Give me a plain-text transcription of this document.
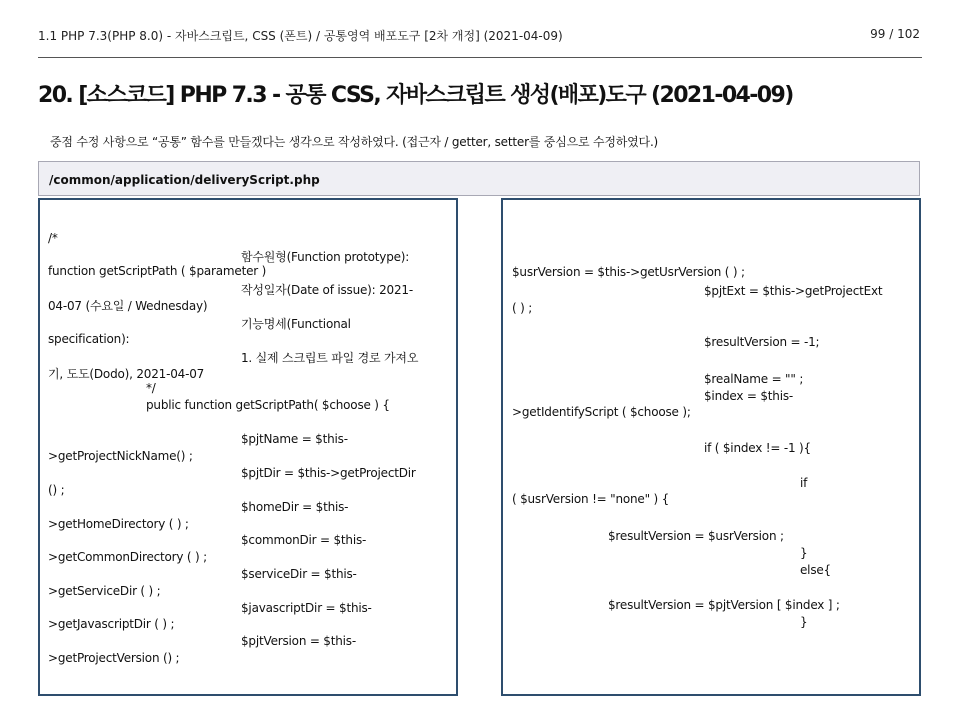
1.1 PHP 7.3(PHP 8.0) - 자바스크립트, CSS (폰트) / 공통영역 배포도구 [2차 개정] (2021-04-09)	99 / 102
20. [소스코드] PHP 7.3 - 공통 CSS, 자바스크립트 생성(배포)도구 (2021-04-09)
중점 수정 사항으로 “공통” 함수를 만들겠다는 생각으로 작성하였다. (접근자 / getter, setter를 중심으로 수정하였다.)
/common/application/deliveryScript.php
/*
함수원형(Function prototype):
function getScriptPath ( $parameter )
작성일자(Date of issue): 2021-
04-07 (수요일 / Wednesday)
기능명세(Functional
specification):
1. 실제 스크립트 파일 경로 가져오
기, 도도(Dodo), 2021-04-07
*/
public function getScriptPath( $choose ) {
$pjtName = $this-
>getProjectNickName() ;
$pjtDir = $this->getProjectDir
() ;
$homeDir = $this-
>getHomeDirectory ( ) ;
$commonDir = $this-
>getCommonDirectory ( ) ;
$serviceDir = $this-
>getServiceDir ( ) ;
$javascriptDir = $this-
>getJavascriptDir ( ) ;
$pjtVersion = $this-
>getProjectVersion () ;
$usrVersion = $this->getUsrVersion ( ) ;
$pjtExt = $this->getProjectExt
( ) ;
$resultVersion = -1;
$realName = "" ;
$index = $this-
>getIdentifyScript ( $choose );
if ( $index != -1 ){
if
( $usrVersion != "none" ) {
$resultVersion = $usrVersion ;
}
else{
$resultVersion = $pjtVersion [ $index ] ;
}
